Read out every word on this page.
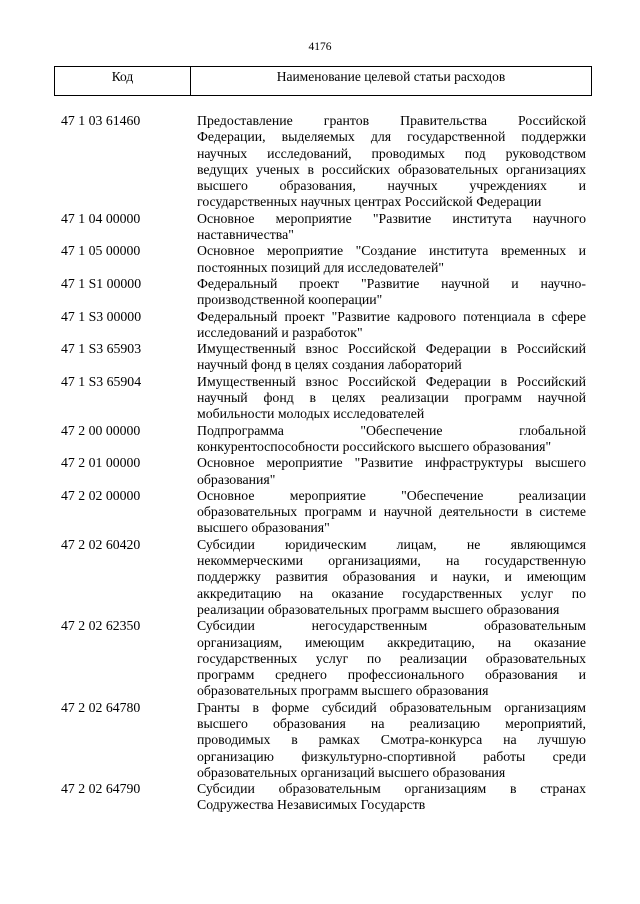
4176
Код	Наименование целевой статьи расходов
47 1 03 61460	Предоставление грантов Правительства Российской
Федерации, выделяемых для государственной поддержки
научных исследований, проводимых под руководством
ведущих ученых в российских образовательных организациях
высшего образования, научных учреждениях и
государственных научных центрах Российской Федерации
47 1 04 00000	Основное мероприятие "Развитие института научного
наставничества"
47 1 05 00000	Основное мероприятие "Создание института временных и
постоянных позиций для исследователей"
47 1 S1 00000	Федеральный проект "Развитие научной и научно-
производственной кооперации"
47 1 S3 00000	Федеральный проект "Развитие кадрового потенциала в сфере
исследований и разработок"
47 1 S3 65903	Имущественный взнос Российской Федерации в Российский
научный фонд в целях создания лабораторий
47 1 S3 65904	Имущественный взнос Российской Федерации в Российский
научный фонд в целях реализации программ научной
мобильности молодых исследователей
47 2 00 00000	Подпрограмма "Обеспечение глобальной
конкурентоспособности российского высшего образования"
47 2 01 00000	Основное мероприятие "Развитие инфраструктуры высшего
образования"
47 2 02 00000	Основное мероприятие "Обеспечение реализации
образовательных программ и научной деятельности в системе
высшего образования"
47 2 02 60420	Субсидии юридическим лицам, не являющимся
некоммерческими организациями, на государственную
поддержку развития образования и науки, и имеющим
аккредитацию на оказание государственных услуг по
реализации образовательных программ высшего образования
47 2 02 62350	Субсидии негосударственным образовательным
организациям, имеющим аккредитацию, на оказание
государственных услуг по реализации образовательных
программ среднего профессионального образования и
образовательных программ высшего образования
47 2 02 64780	Гранты в форме субсидий образовательным организациям
высшего образования на реализацию мероприятий,
проводимых в рамках Смотра-конкурса на лучшую
организацию физкультурно-спортивной работы среди
образовательных организаций высшего образования
47 2 02 64790	Субсидии образовательным организациям в странах
Содружества Независимых Государств
